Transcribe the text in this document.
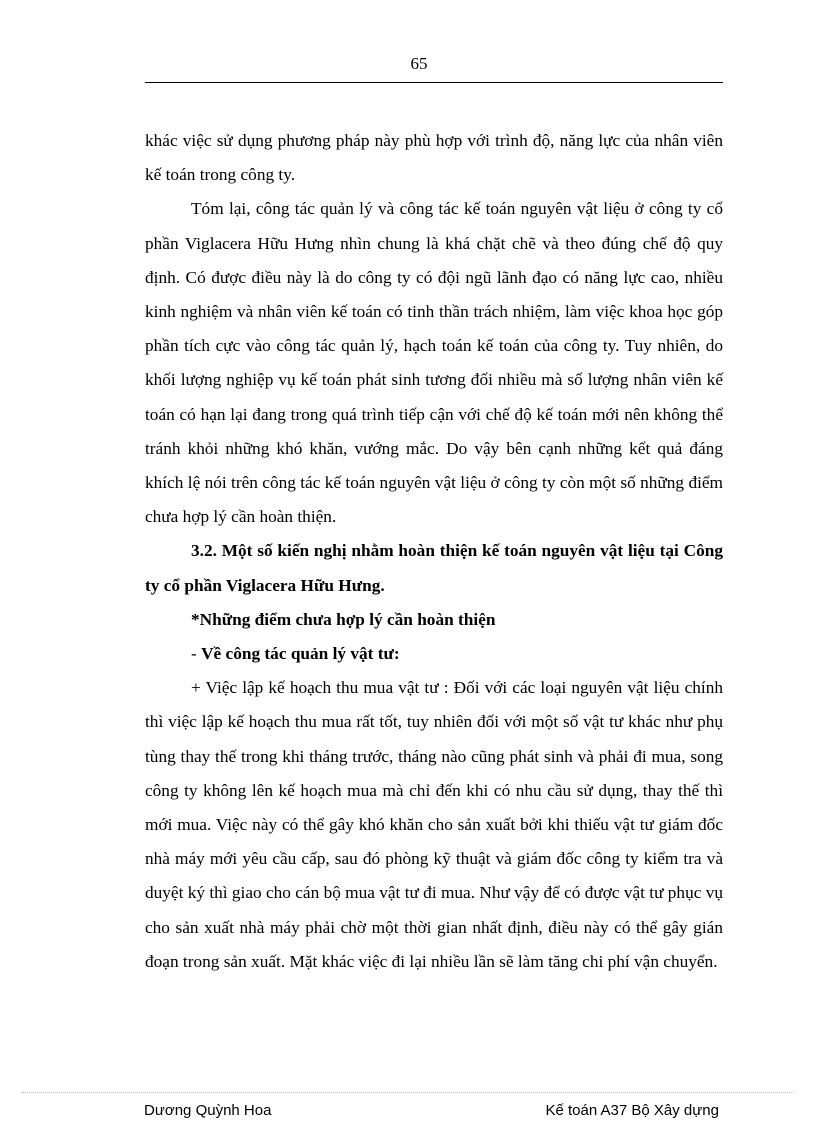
65

khác việc sử dụng phương pháp này phù hợp với trình độ, năng lực của nhân viên kế toán trong công ty.

Tóm lại, công tác quản lý và công tác kế toán nguyên vật liệu ở công ty cổ phần Viglacera Hữu Hưng nhìn chung là khá chặt chẽ và theo đúng chế độ quy định. Có được điều này là do công ty có đội ngũ lãnh đạo có năng lực cao, nhiều kinh nghiệm và nhân viên kế toán có tinh thần trách nhiệm, làm việc khoa học góp phần tích cực vào công tác quản lý, hạch toán kế toán của công ty. Tuy nhiên, do khối lượng nghiệp vụ kế toán phát sinh tương đối nhiều mà số lượng nhân viên kế toán có hạn lại đang trong quá trình tiếp cận với chế độ kế toán mới nên không thể tránh khỏi những khó khăn, vướng mắc. Do vậy bên cạnh những kết quả đáng khích lệ nói trên công tác kế toán nguyên vật liệu ở công ty còn một số những điểm chưa hợp lý cần hoàn thiện.

3.2. Một số kiến nghị nhằm hoàn thiện kế toán nguyên vật liệu tại Công ty cổ phần Viglacera Hữu Hưng.

*Những điểm chưa hợp lý cần hoàn thiện

- Về công tác quản lý vật tư:

+ Việc lập kế hoạch thu mua vật tư : Đối với các loại nguyên vật liệu chính thì việc lập kế hoạch thu mua rất tốt, tuy nhiên đối với một số vật tư khác như phụ tùng thay thế trong khi tháng trước, tháng nào cũng phát sinh và phải đi mua, song công ty không lên kế hoạch mua mà chỉ đến khi có nhu cầu sử dụng, thay thế thì mới mua. Việc này có thể gây khó khăn cho sản xuất bởi khi thiếu vật tư giám đốc nhà máy mới yêu cầu cấp, sau đó phòng kỹ thuật và giám đốc công ty kiểm tra và duyệt ký thì giao cho cán bộ mua vật tư đi mua. Như vậy để có được vật tư phục vụ cho sản xuất nhà máy phải chờ một thời gian nhất định, điều này có thể gây gián đoạn trong sản xuất. Mặt khác việc đi lại nhiều lần sẽ làm tăng chi phí vận chuyển.

Dương Quỳnh Hoa	Kế toán A37 Bộ Xây dựng
